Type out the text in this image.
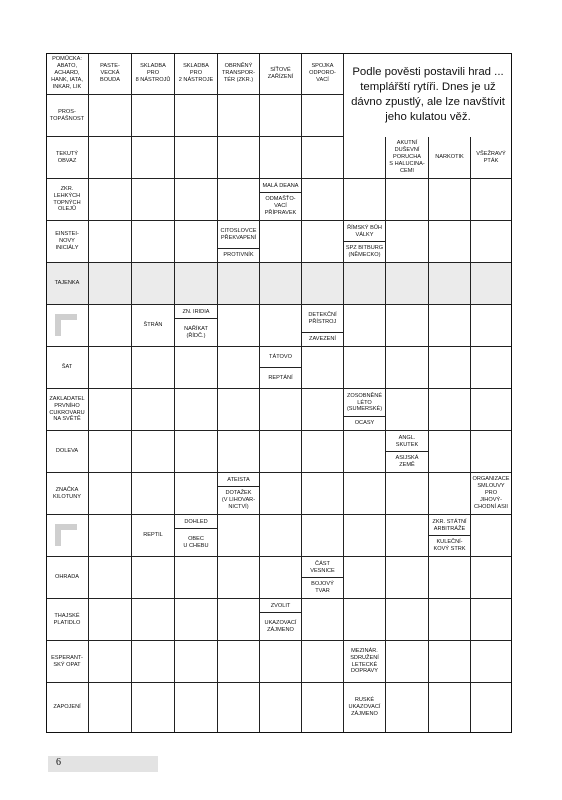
POMŮCKA:
ABATO,
ACHARD,
HANK, IATA,
INKAR, LIK
PASTE-
VECKÁ
BOUDA
SKLADBA
PRO
8 NÁSTROJŮ
SKLADBA
PRO
2 NÁSTROJE
OBRNĚNÝ
TRANSPOR-
TÉR (ZKR.)
SÍŤOVÉ
ZAŘÍZENÍ
SPOJKA
ODPORO-
VACÍ
Podle pověsti postavili hrad ... templářští rytíři. Dnes je už dávno zpustlý, ale lze navštívit jeho kulatou věž.
PROS-
TOPÁŠNOST
TEKUTÝ
OBVAZ
AKUTNÍ
DUŠEVNÍ
PORUCHA
S HALUCINA-
CEMI
NARKOTIK
VŠEŽRAVÝ
PTÁK
ZKR.
LEHKÝCH
TOPNÝCH
OLEJŮ
MALÁ DEANA
ODMAŠŤO-
VACÍ
PŘÍPRAVEK
EINSTEI-
NOVY
INICIÁLY
CITOSLOVCE
PŘEKVAPENÍ
PROTIVNÍK
ŘÍMSKÝ BŮH
VÁLKY
SPZ BITBURG
(NĚMECKO)
TAJENKA
ŠTRÁN
ZN. IRIDIA
NAŘÍKAT
(ŘÍDČ.)
DETEKČNÍ
PŘÍSTROJ
ZAVEZENÍ
ŠAT
TÁTOVO
REPTÁNÍ
ZAKLADATEL
PRVNÍHO
CUKROVARU
NA SVĚTĚ
ZOSOBNĚNÉ
LÉTO
(SUMERSKÉ)
OCASY
DOLEVA
ANGL.
SKUTEK
ASIJSKÁ
ZEMĚ
ZNAČKA
KILOTUNY
ATEISTA
DOTAŽEK
(V LIHOVAR-
NICTVÍ)
ORGANIZACE
SMLOUVY
PRO
JIHOVÝ-
CHODNÍ ASII
REPTIL
DOHLED
OBEC
U CHEBU
ZKR. STÁTNÍ
ARBITRÁŽE
KULEČNÍ-
KOVÝ STRK
OHRADA
ČÁST
VESNICE
BOJOVÝ
TVAR
THAJSKÉ
PLATIDLO
ZVOLIT
UKAZOVACÍ
ZÁJMENO
ESPERANT-
SKÝ OPAT
MEZINÁR.
SDRUŽENÍ
LETECKÉ
DOPRAVY
ZAPOJENÍ
RUSKÉ
UKAZOVACÍ
ZÁJMENO
6
